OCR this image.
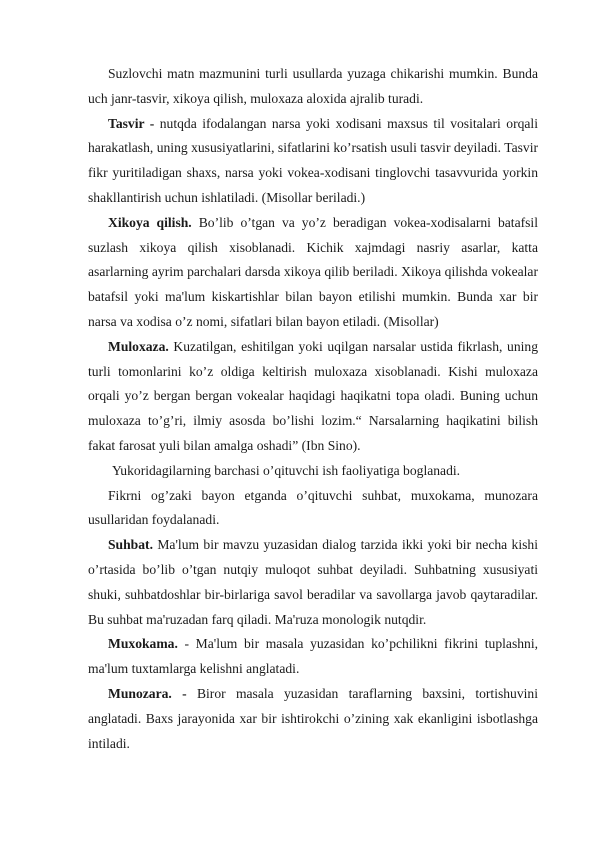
Suzlovchi matn mazmunini turli usullarda yuzaga chikarishi mumkin. Bunda uch janr-tasvir, xikoya qilish, muloxaza aloxida ajralib turadi.

Tasvir - nutqda ifodalangan narsa yoki xodisani maxsus til vositalari orqali harakatlash, uning xususiyatlarini, sifatlarini ko’rsatish usuli tasvir deyiladi. Tasvir fikr yuritiladigan shaxs, narsa yoki vokea-xodisani tinglovchi tasavvurida yorkin shakllantirish uchun ishlatiladi. (Misollar beriladi.)

Xikoya qilish. Bo’lib o’tgan va yo’z beradigan vokea-xodisalarni batafsil suzlash xikoya qilish xisoblanadi. Kichik xajmdagi nasriy asarlar, katta asarlarning ayrim parchalari darsda xikoya qilib beriladi. Xikoya qilishda vokealar batafsil yoki ma'lum kiskartishlar bilan bayon etilishi mumkin. Bunda xar bir narsa va xodisa o’z nomi, sifatlari bilan bayon etiladi. (Misollar)

Muloxaza. Kuzatilgan, eshitilgan yoki uqilgan narsalar ustida fikrlash, uning turli tomonlarini ko’z oldiga keltirish muloxaza xisoblanadi. Kishi muloxaza orqali yo’z bergan bergan vokealar haqidagi haqikatni topa oladi. Buning uchun muloxaza to’g’ri, ilmiy asosda bo’lishi lozim.“ Narsalarning haqikatini bilish fakat farosat yuli bilan amalga oshadi” (Ibn Sino).

Yukoridagilarning barchasi o’qituvchi ish faoliyatiga boglanadi.

Fikrni og’zaki bayon etganda o’qituvchi suhbat, muxokama, munozara usullaridan foydalanadi.

Suhbat. Ma'lum bir mavzu yuzasidan dialog tarzida ikki yoki bir necha kishi o’rtasida bo’lib o’tgan nutqiy muloqot suhbat deyiladi. Suhbatning xususiyati shuki, suhbatdoshlar bir-birlariga savol beradilar va savollarga javob qaytaradilar. Bu suhbat ma'ruzadan farq qiladi. Ma'ruza monologik nutqdir.

Muxokama. - Ma'lum bir masala yuzasidan ko’pchilikni fikrini tuplashni, ma'lum tuxtamlarga kelishni anglatadi.

Munozara. - Biror masala yuzasidan taraflarning baxsini, tortishuvini anglatadi. Baxs jarayonida xar bir ishtirokchi o’zining xak ekanligini isbotlashga intiladi.
